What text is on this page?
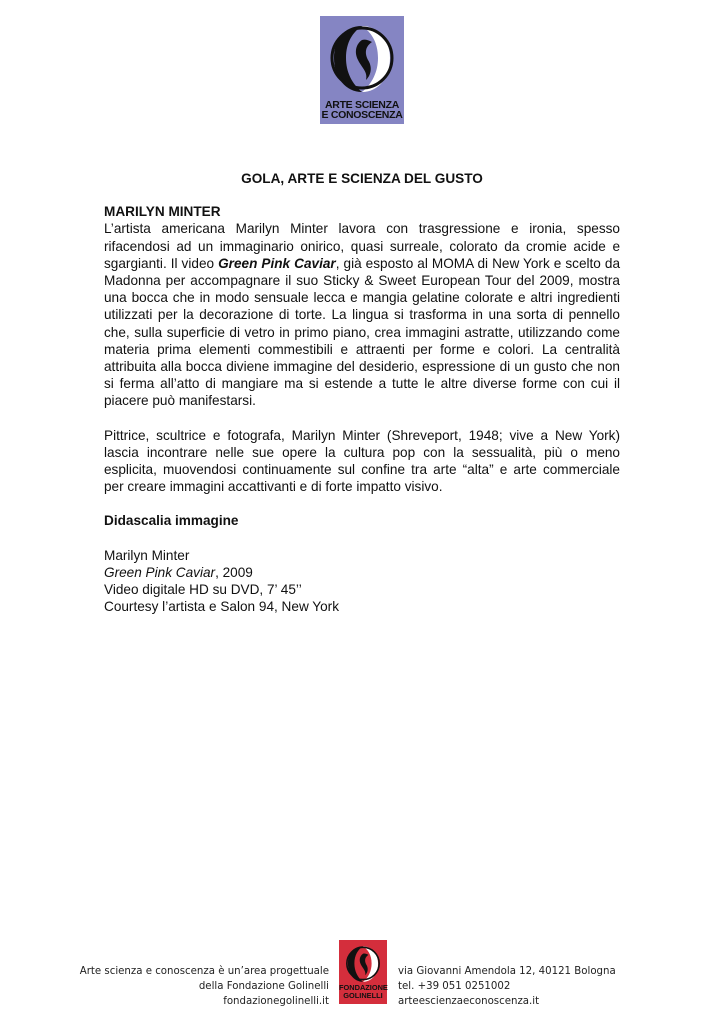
ARTE SCIENZA
E CONOSCENZA

GOLA, ARTE E SCIENZA DEL GUSTO

MARILYN MINTER

L’artista americana Marilyn Minter lavora con trasgressione e ironia, spesso rifacendosi ad un immaginario onirico, quasi surreale, colorato da cromie acide e sgargianti. Il video Green Pink Caviar, già esposto al MOMA di New York e scelto da Madonna per accompagnare il suo Sticky & Sweet European Tour del 2009, mostra una bocca che in modo sensuale lecca e mangia gelatine colorate e altri ingredienti utilizzati per la decorazione di torte. La lingua si trasforma in una sorta di pennello che, sulla superficie di vetro in primo piano, crea immagini astratte, utilizzando come materia prima elementi commestibili e attraenti per forme e colori. La centralità attribuita alla bocca diviene immagine del desiderio, espressione di un gusto che non si ferma all’atto di mangiare ma si estende a tutte le altre diverse forme con cui il piacere può manifestarsi.

Pittrice, scultrice e fotografa, Marilyn Minter (Shreveport, 1948; vive a New York) lascia incontrare nelle sue opere la cultura pop con la sessualità, più o meno esplicita, muovendosi continuamente sul confine tra arte “alta” e arte commerciale per creare immagini accattivanti e di forte impatto visivo.

Didascalia immagine

Marilyn Minter

Green Pink Caviar, 2009

Video digitale HD su DVD, 7’ 45’’

Courtesy l’artista e Salon 94, New York

Arte scienza e conoscenza è un’area progettuale
della Fondazione Golinelli
fondazionegolinelli.it
FONDAZIONE
GOLINELLI
via Giovanni Amendola 12, 40121 Bologna
tel. +39 051 0251002
arteescienzaeconoscenza.it
